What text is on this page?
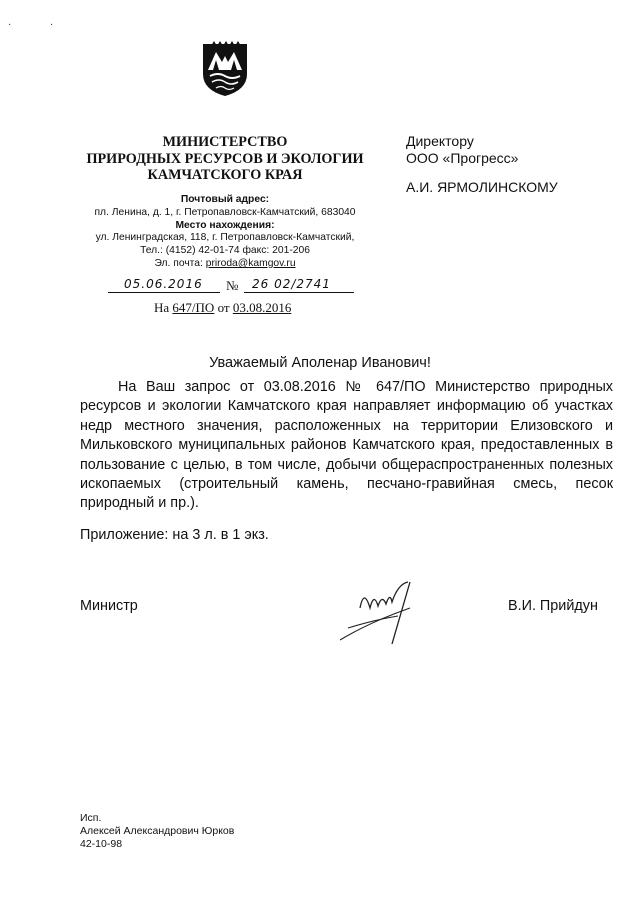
· ·
МИНИСТЕРСТВО
ПРИРОДНЫХ РЕСУРСОВ И ЭКОЛОГИИ
КАМЧАТСКОГО КРАЯ
Почтовый адрес:
пл. Ленина, д. 1, г. Петропавловск-Камчатский, 683040
Место нахождения:
ул. Ленинградская, 118, г. Петропавловск-Камчатский,
Тел.: (4152) 42-01-74 факс: 201-206
Эл. почта: priroda@kamgov.ru
05.06.2016 № 26 02/2741
На 647/ПО от 03.08.2016
Директору
ООО «Прогресс»
А.И. ЯРМОЛИНСКОМУ
Уважаемый Аполенар Иванович!
На Ваш запрос от 03.08.2016 № 647/ПО Министерство природных ресурсов и экологии Камчатского края направляет информацию об участках недр местного значения, расположенных на территории Елизовского и Мильковского муниципальных районов Камчатского края, предоставленных в пользование с целью, в том числе, добычи общераспространенных полезных ископаемых (строительный камень, песчано-гравийная смесь, песок природный и пр.).
Приложение: на 3 л. в 1 экз.
Министр	В.И. Прийдун
Исп.
Алексей Александрович Юрков
42-10-98
